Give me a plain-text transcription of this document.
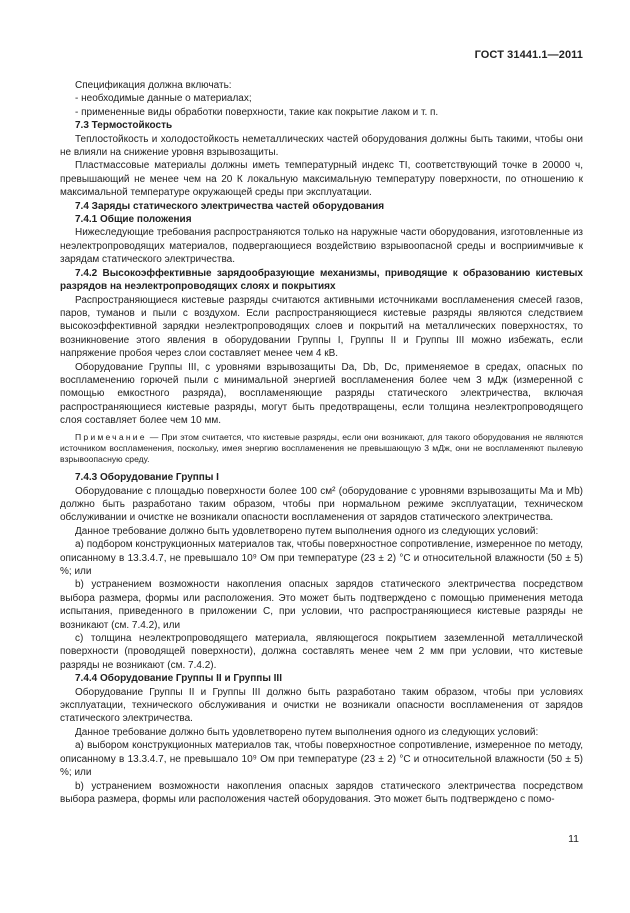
ГОСТ 31441.1—2011

Спецификация должна включать:

- необходимые данные о материалах;

- примененные виды обработки поверхности, такие как покрытие лаком и т. п.

7.3 Термостойкость

Теплостойкость и холодостойкость неметаллических частей оборудования должны быть такими, чтобы они не влияли на снижение уровня взрывозащиты.

Пластмассовые материалы должны иметь температурный индекс TI, соответствующий точке в 20000 ч, превышающий не менее чем на 20 К локальную максимальную температуру поверхности, по отношению к максимальной температуре окружающей среды при эксплуатации.

7.4 Заряды статического электричества частей оборудования

7.4.1 Общие положения

Нижеследующие требования распространяются только на наружные части оборудования, изготовленные из неэлектропроводящих материалов, подвергающиеся воздействию взрывоопасной среды и восприимчивые к зарядам статического электричества.

7.4.2 Высокоэффективные зарядообразующие механизмы, приводящие к образованию кистевых разрядов на неэлектропроводящих слоях и покрытиях

Распространяющиеся кистевые разряды считаются активными источниками воспламенения смесей газов, паров, туманов и пыли с воздухом. Если распространяющиеся кистевые разряды являются следствием высокоэффективной зарядки неэлектропроводящих слоев и покрытий на металлических поверхностях, то возникновение этого явления в оборудовании Группы I, Группы II и Группы III можно избежать, если напряжение пробоя через слои составляет менее чем 4 кВ.

Оборудование Группы III, с уровнями взрывозащиты Da, Db, Dc, применяемое в средах, опасных по воспламенению горючей пыли с минимальной энергией воспламенения более чем 3 мДж (измеренной с помощью емкостного разряда), воспламеняющие разряды статического электричества, включая распространяющиеся кистевые разряды, могут быть предотвращены, если толщина неэлектропроводящего слоя составляет более чем 10 мм.

Примечание — При этом считается, что кистевые разряды, если они возникают, для такого оборудования не являются источником воспламенения, поскольку, имея энергию воспламенения не превышающую 3 мДж, они не воспламеняют пылевую взрывоопасную среду.

7.4.3 Оборудование Группы I

Оборудование с площадью поверхности более 100 см² (оборудование с уровнями взрывозащиты Ma и Mb) должно быть разработано таким образом, чтобы при нормальном режиме эксплуатации, техническом обслуживании и очистке не возникали опасности воспламенения от зарядов статического электричества.

Данное требование должно быть удовлетворено путем выполнения одного из следующих условий:

а) подбором конструкционных материалов так, чтобы поверхностное сопротивление, измеренное по методу, описанному в 13.3.4.7, не превышало 10⁹ Ом при температуре (23 ± 2) °С и относительной влажности (50 ± 5) %; или

b) устранением возможности накопления опасных зарядов статического электричества посредством выбора размера, формы или расположения. Это может быть подтверждено с помощью применения метода испытания, приведенного в приложении С, при условии, что распространяющиеся кистевые разряды не возникают (см. 7.4.2), или

с) толщина неэлектропроводящего материала, являющегося покрытием заземленной металлической поверхности (проводящей поверхности), должна составлять менее чем 2 мм при условии, что кистевые разряды не возникают (см. 7.4.2).

7.4.4 Оборудование Группы II и Группы III

Оборудование Группы II и Группы III должно быть разработано таким образом, чтобы при условиях эксплуатации, технического обслуживания и очистки не возникали опасности воспламенения от зарядов статического электричества.

Данное требование должно быть удовлетворено путем выполнения одного из следующих условий:

а) выбором конструкционных материалов так, чтобы поверхностное сопротивление, измеренное по методу, описанному в 13.3.4.7, не превышало 10⁹ Ом при температуре (23 ± 2) °С и относительной влажности (50 ± 5) %; или

b) устранением возможности накопления опасных зарядов статического электричества посредством выбора размера, формы или расположения частей оборудования. Это может быть подтверждено с помо-

11
